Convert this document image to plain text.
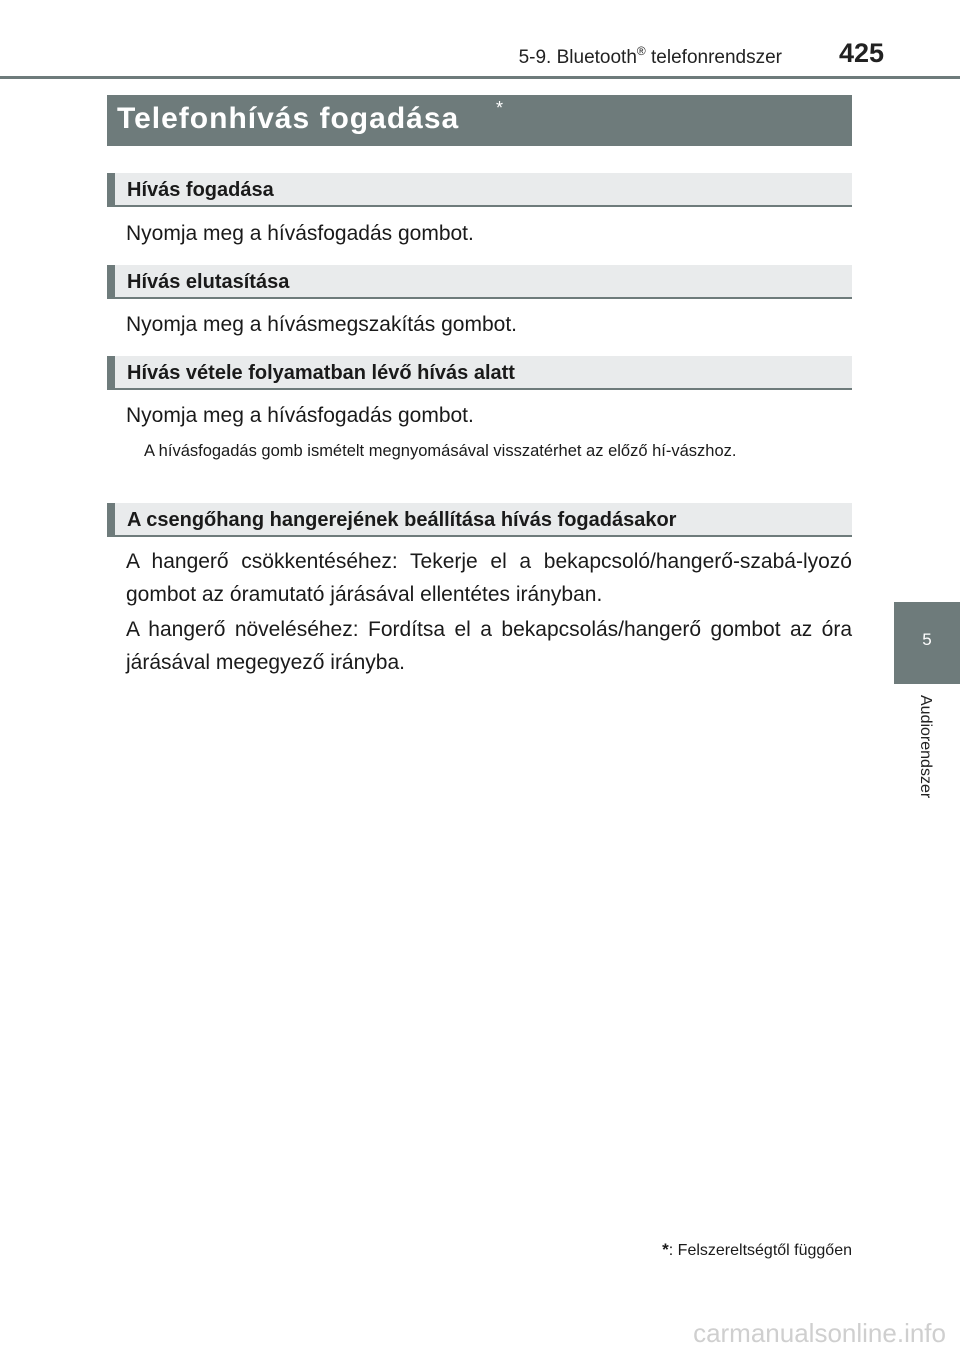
5-9. Bluetooth® telefonrendszer 425
5
Audiorendszer
Telefonhívás fogadása *
Hívás fogadása
Nyomja meg a hívásfogadás gombot.
Hívás elutasítása
Nyomja meg a hívásmegszakítás gombot.
Hívás vétele folyamatban lévő hívás alatt
Nyomja meg a hívásfogadás gombot.
A hívásfogadás gomb ismételt megnyomásával visszatérhet az előző hí-vászhoz.
A csengőhang hangerejének beállítása hívás fogadásakor
A hangerő csökkentéséhez: Tekerje el a bekapcsoló/hangerő-szabá-lyozó gombot az óramutató járásával ellentétes irányban.
A hangerő növeléséhez: Fordítsa el a bekapcsolás/hangerő gombot az óra járásával megegyező irányba.
*: Felszereltségtől függően
carmanualsonline.info
